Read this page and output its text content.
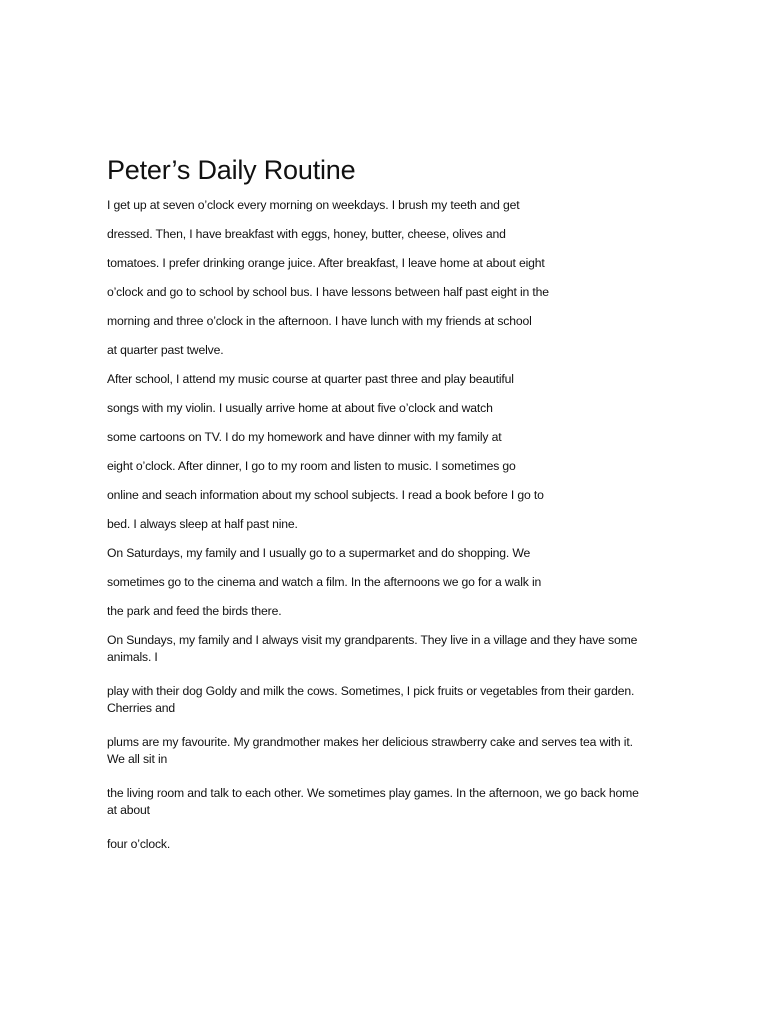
Peter’s Daily Routine

I get up at seven o’clock every morning on weekdays. I brush my teeth and get

dressed. Then, I have breakfast with eggs, honey, butter, cheese, olives and

tomatoes. I prefer drinking orange juice. After breakfast, I leave home at about eight

o’clock and go to school by school bus. I have lessons between half past eight in the

morning and three o’clock in the afternoon. I have lunch with my friends at school

at quarter past twelve.

After school, I attend my music course at quarter past three and play beautiful

songs with my violin. I usually arrive home at about five o’clock and watch

some cartoons on TV. I do my homework and have dinner with my family at

eight o’clock. After dinner, I go to my room and listen to music. I sometimes go

online and seach information about my school subjects. I read a book before I go to

bed. I always sleep at half past nine.

On Saturdays, my family and I usually go to a supermarket and do shopping. We

sometimes go to the cinema and watch a film. In the afternoons we go for a walk in

the park and feed the birds there.

On Sundays, my family and I always visit my grandparents. They live in a village and they have some

animals. I

play with their dog Goldy and milk the cows. Sometimes, I pick fruits or vegetables from their garden.

Cherries and

plums are my favourite. My grandmother makes her delicious strawberry cake and serves tea with it.

We all sit in

the living room and talk to each other. We sometimes play games. In the afternoon, we go back home

at about

four o’clock.
